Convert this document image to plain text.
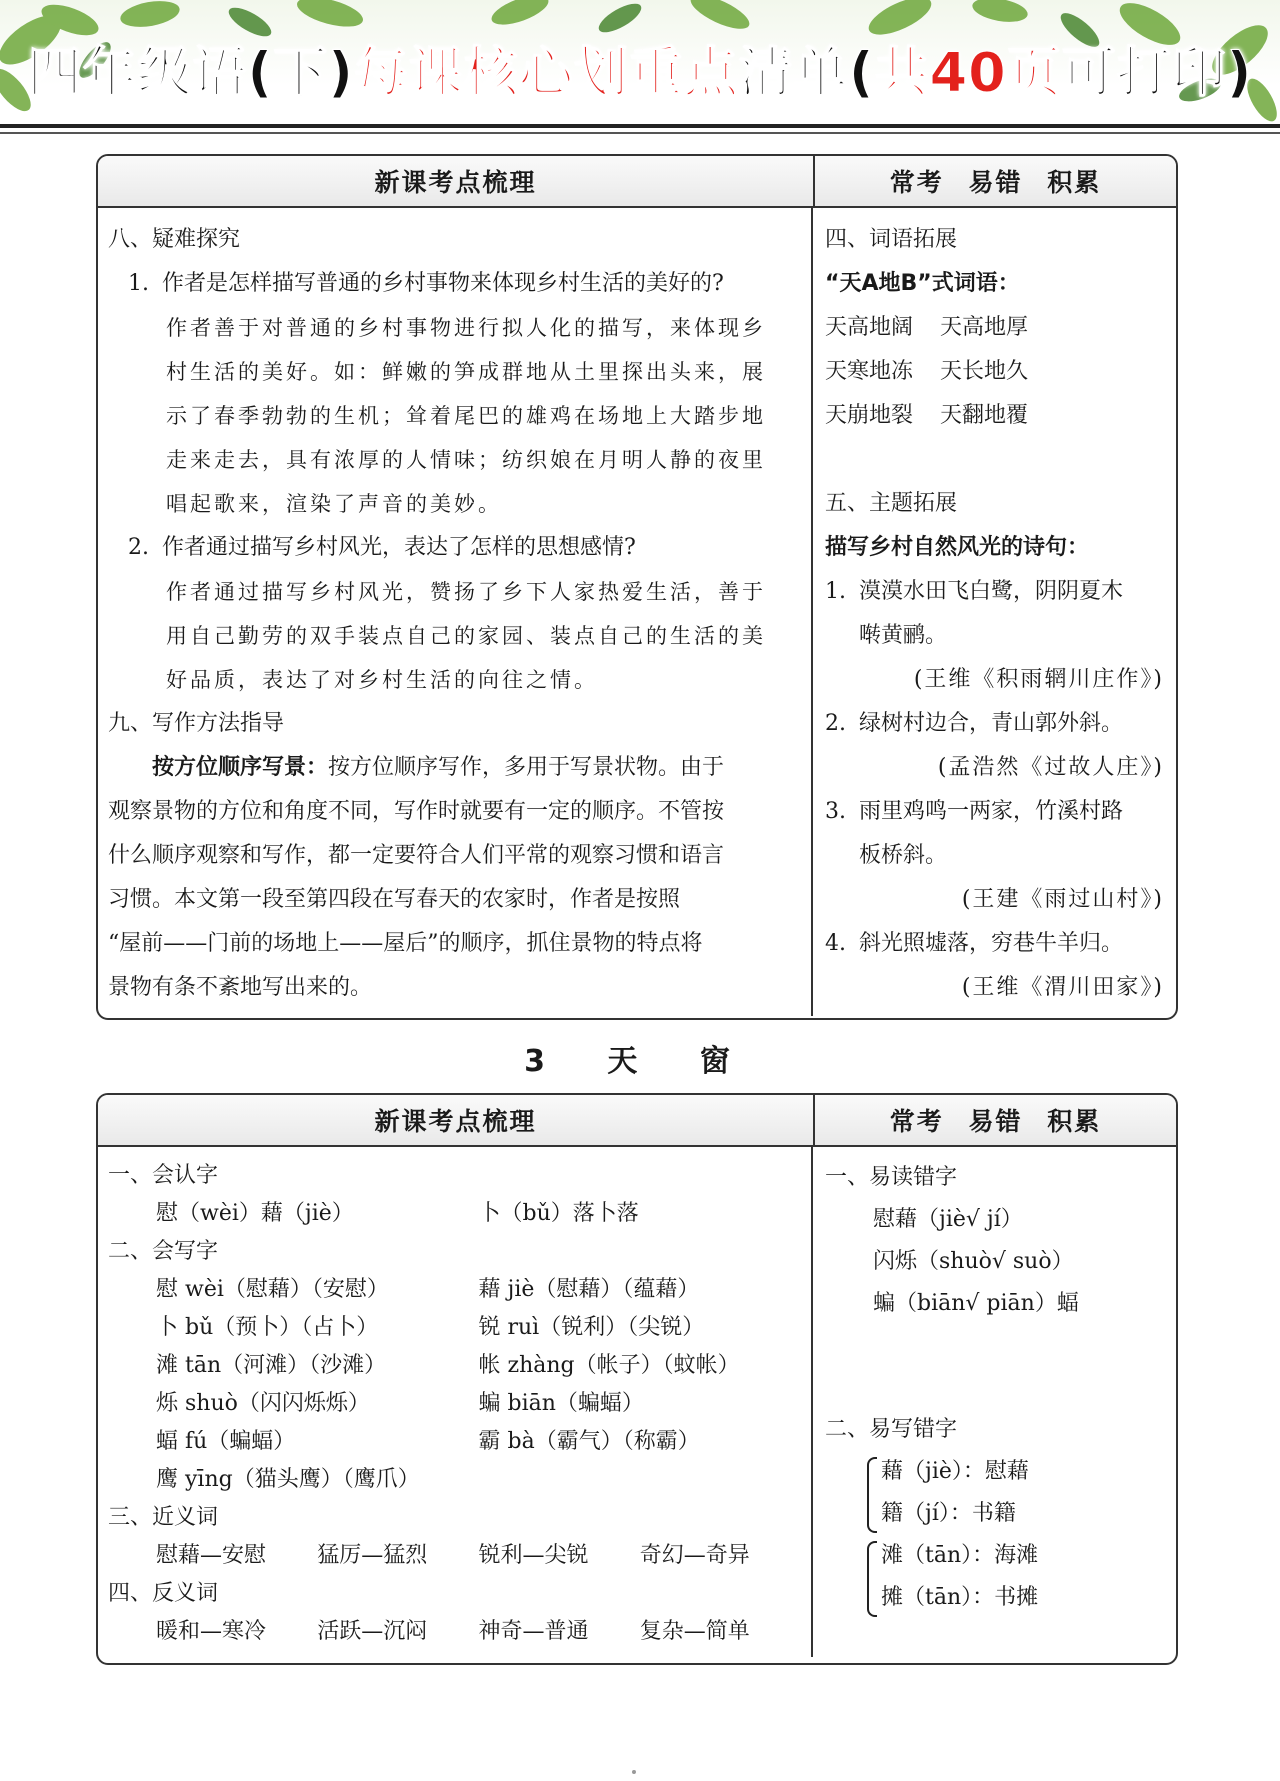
四年级语(下)每课核心划重点清单(共40页可打印)
新课考点梳理	常考 易错 积累
八、疑难探究
1. 作者是怎样描写普通的乡村事物来体现乡村生活的美好的?
作者善于对普通的乡村事物进行拟人化的描写，来体现乡
村生活的美好。如：鲜嫩的笋成群地从土里探出头来，展
示了春季勃勃的生机；耸着尾巴的雄鸡在场地上大踏步地
走来走去，具有浓厚的人情味；纺织娘在月明人静的夜里
唱起歌来，渲染了声音的美妙。
2. 作者通过描写乡村风光，表达了怎样的思想感情?
作者通过描写乡村风光，赞扬了乡下人家热爱生活，善于
用自己勤劳的双手装点自己的家园、装点自己的生活的美
好品质，表达了对乡村生活的向往之情。
九、写作方法指导
按方位顺序写景：按方位顺序写作，多用于写景状物。由于
观察景物的方位和角度不同，写作时就要有一定的顺序。不管按
什么顺序观察和写作，都一定要符合人们平常的观察习惯和语言
习惯。本文第一段至第四段在写春天的农家时，作者是按照
“屋前——门前的场地上——屋后”的顺序，抓住景物的特点将
景物有条不紊地写出来的。
四、词语拓展
“天A地B”式词语：
天高地阔 天高地厚
天寒地冻 天长地久
天崩地裂 天翻地覆

五、主题拓展
描写乡村自然风光的诗句：
1. 漠漠水田飞白鹭，阴阴夏木
啭黄鹂。
(王维《积雨辋川庄作》)
2. 绿树村边合，青山郭外斜。
(孟浩然《过故人庄》)
3. 雨里鸡鸣一两家，竹溪村路
板桥斜。
(王建《雨过山村》)
4. 斜光照墟落，穷巷牛羊归。
(王维《渭川田家》)
3 天 窗
新课考点梳理	常考 易错 积累
一、会认字
慰（wèi）藉（jiè）	卜（bǔ）落卜落
二、会写字
慰 wèi（慰藉）（安慰）	藉 jiè（慰藉）（蕴藉）
卜 bǔ（预卜）（占卜）	锐 ruì（锐利）（尖锐）
滩 tān（河滩）（沙滩）	帐 zhàng（帐子）（蚊帐）
烁 shuò（闪闪烁烁）	蝙 biān（蝙蝠）
蝠 fú（蝙蝠）	霸 bà（霸气）（称霸）
鹰 yīng（猫头鹰）（鹰爪）
三、近义词
慰藉—安慰	猛厉—猛烈	锐利—尖锐	奇幻—奇异
四、反义词
暖和—寒冷	活跃—沉闷	神奇—普通	复杂—简单
一、易读错字
慰藉（jiè√ jí）
闪烁（shuò√ suò）
蝙（biān√ piān）蝠

二、易写错字
藉（jiè）：慰藉
籍（jí）：书籍
滩（tān）：海滩
摊（tān）：书摊
